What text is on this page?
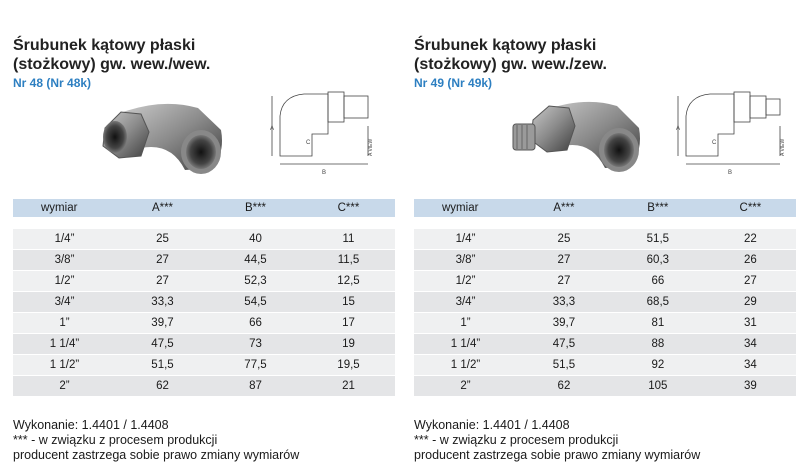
Śrubunek kątowy płaski
(stożkowy) gw. wew./wew.
Nr 48 (Nr 48k)
A
B
C	A VIEW
wymiar	A***	B***	C***

1/4”	25	40	11
3/8”	27	44,5	11,5
1/2”	27	52,3	12,5
3/4”	33,3	54,5	15
1”	39,7	66	17
1 1/4”	47,5	73	19
1 1/2”	51,5	77,5	19,5
2”	62	87	21
Wykonanie: 1.4401 / 1.4408
*** - w związku z procesem produkcji
producent zastrzega sobie prawo zmiany wymiarów
Śrubunek kątowy płaski
(stożkowy) gw. wew./zew.
Nr 49 (Nr 49k)
A
B
C	A VIEW
wymiar	A***	B***	C***

1/4”	25	51,5	22
3/8”	27	60,3	26
1/2”	27	66	27
3/4”	33,3	68,5	29
1”	39,7	81	31
1 1/4”	47,5	88	34
1 1/2”	51,5	92	34
2”	62	105	39
Wykonanie: 1.4401 / 1.4408
*** - w związku z procesem produkcji
producent zastrzega sobie prawo zmiany wymiarów
